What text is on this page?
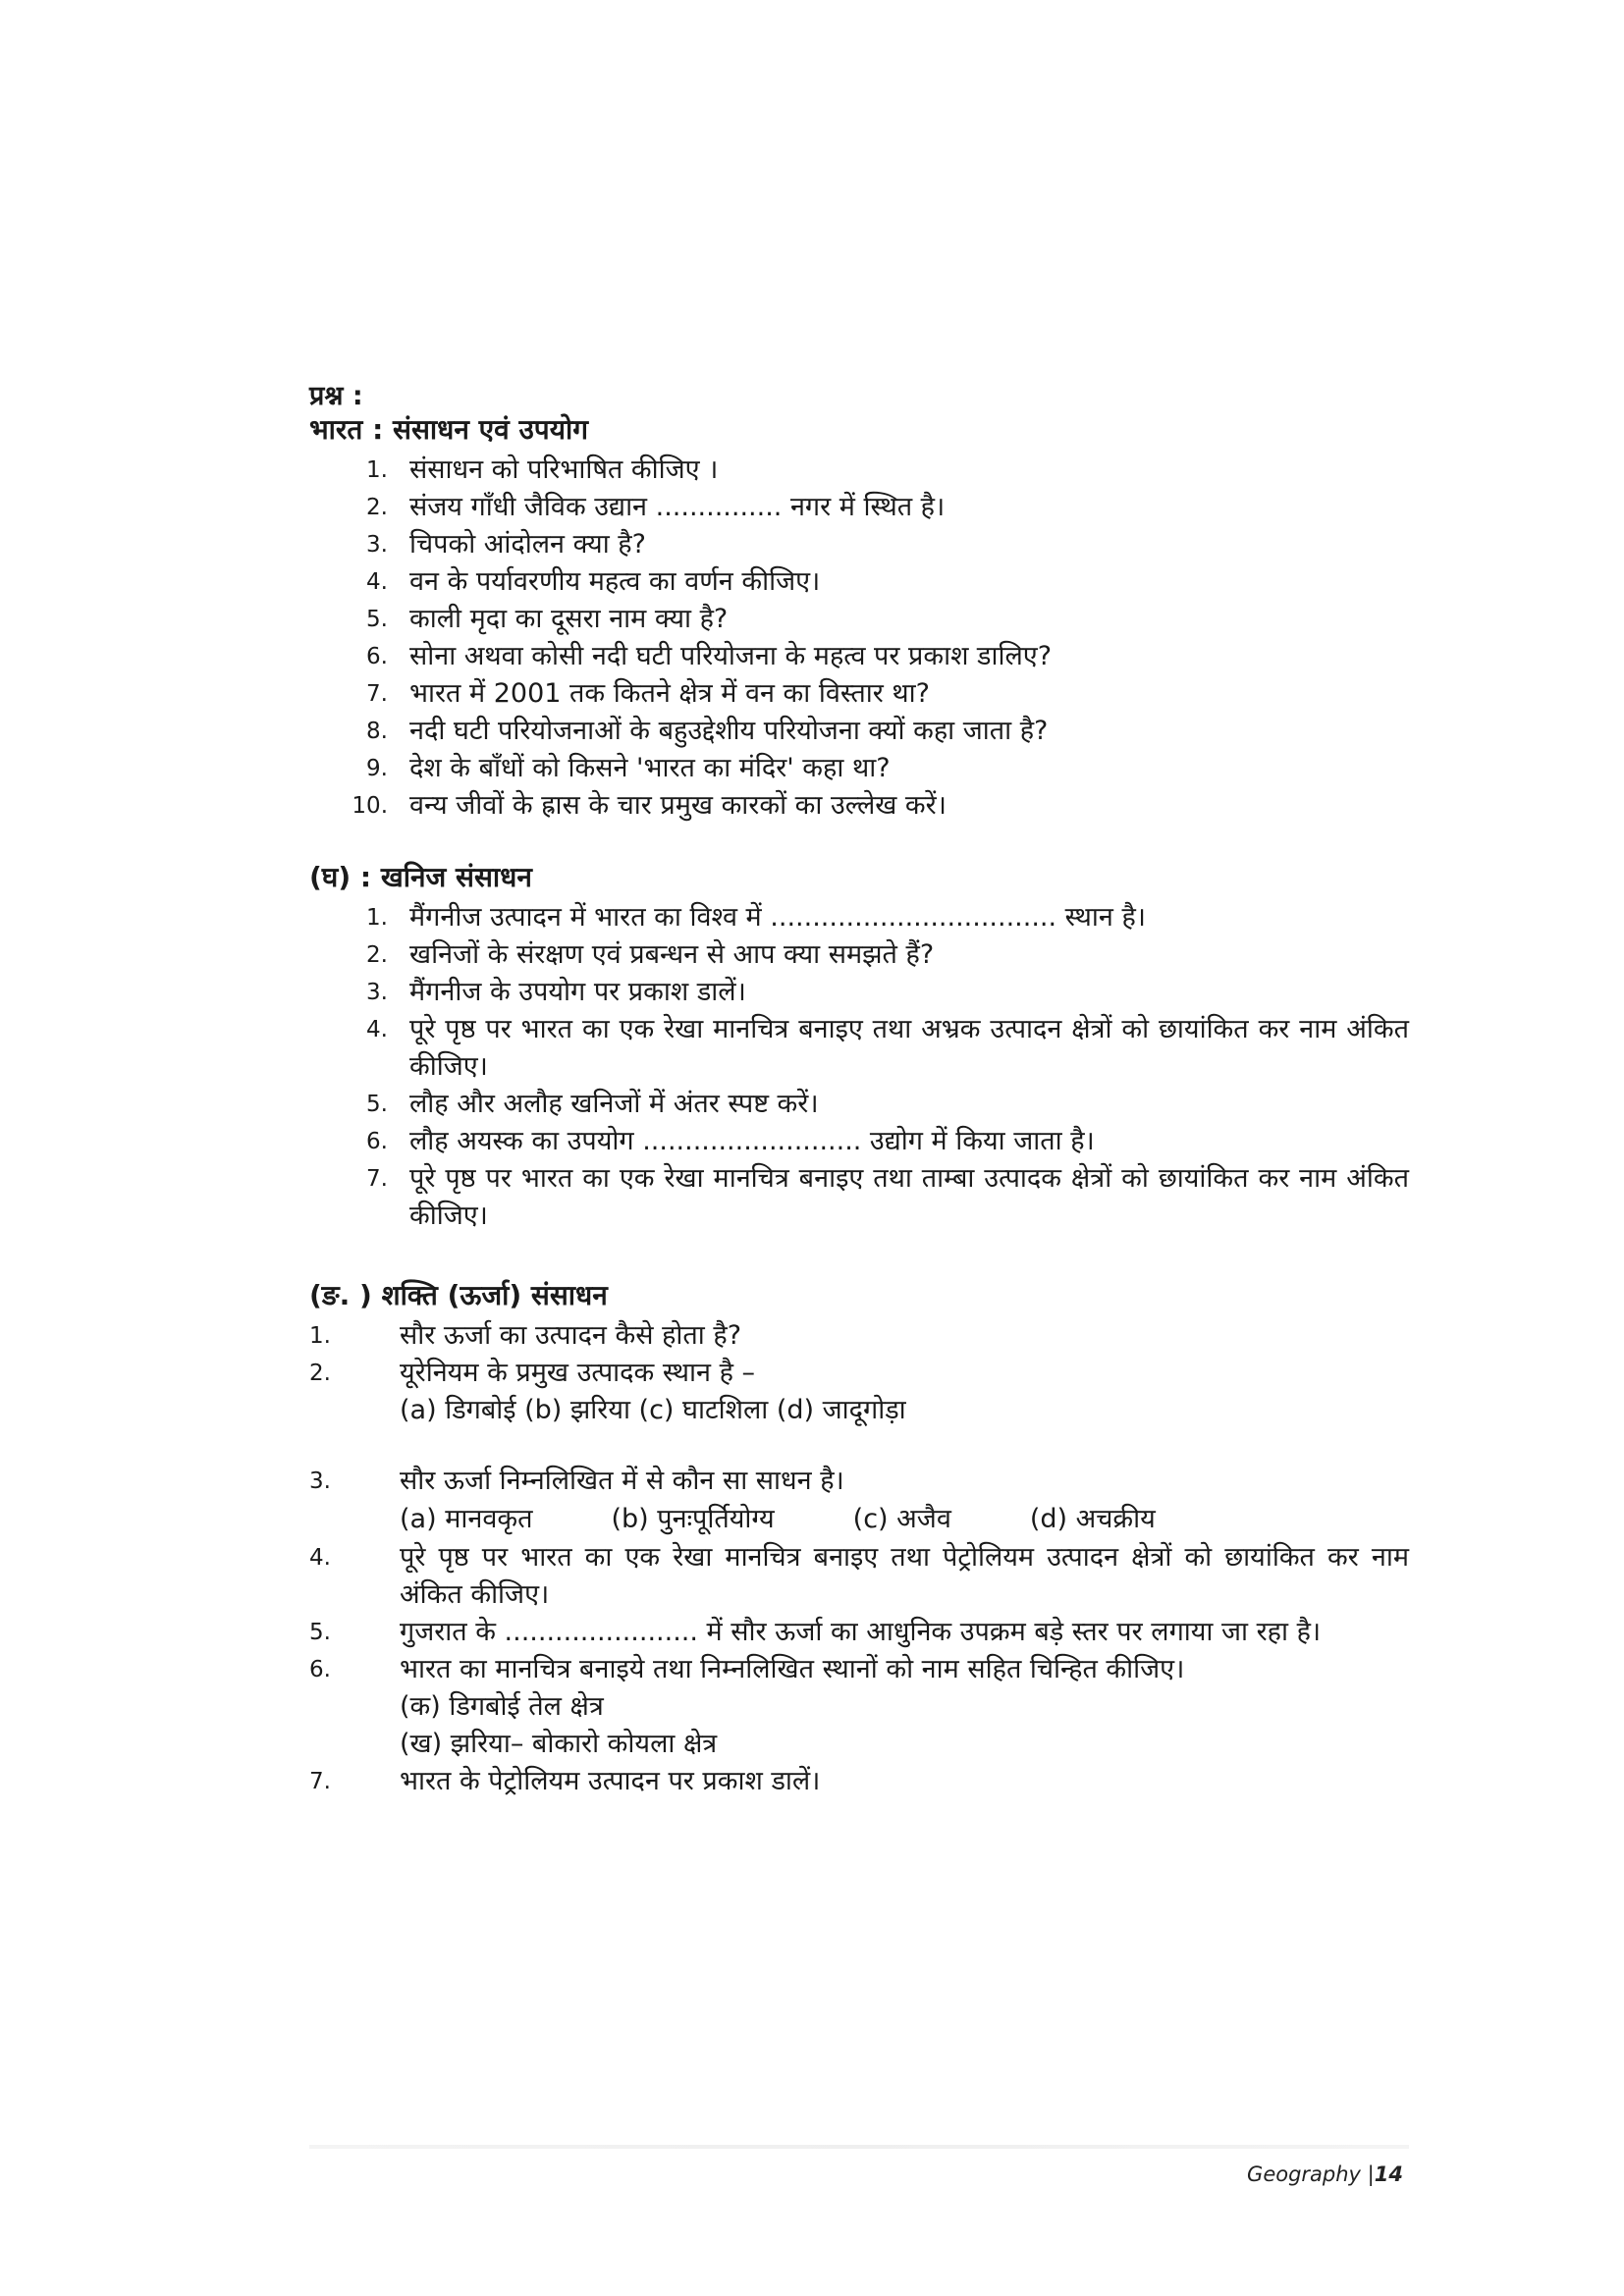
प्रश्न :
भारत : संसाधन एवं उपयोग
1. संसाधन को परिभाषित कीजिए ।
2. संजय गाँधी जैविक उद्यान ............... नगर में स्थित है।
3. चिपको आंदोलन क्या है?
4. वन के पर्यावरणीय महत्व का वर्णन कीजिए।
5. काली मृदा का दूसरा नाम क्या है?
6. सोना अथवा कोसी नदी घटी परियोजना के महत्व पर प्रकाश डालिए?
7. भारत में 2001 तक कितने क्षेत्र में वन का विस्तार था?
8. नदी घटी परियोजनाओं के बहुउद्देशीय परियोजना क्यों कहा जाता है?
9. देश के बाँधों को किसने 'भारत का मंदिर' कहा था?
10. वन्य जीवों के ह्रास के चार प्रमुख कारकों का उल्लेख करें।
(घ) : खनिज संसाधन
1. मैंगनीज उत्पादन में भारत का विश्व में .................................. स्थान है।
2. खनिजों के संरक्षण एवं प्रबन्धन से आप क्या समझते हैं?
3. मैंगनीज के उपयोग पर प्रकाश डालें।
4. पूरे पृष्ठ पर भारत का एक रेखा मानचित्र बनाइए तथा अभ्रक उत्पादन क्षेत्रों को छायांकित कर नाम अंकित कीजिए।
5. लौह और अलौह खनिजों में अंतर स्पष्ट करें।
6. लौह अयस्क का उपयोग .......................... उद्योग में किया जाता है।
7. पूरे पृष्ठ पर भारत का एक रेखा मानचित्र बनाइए तथा ताम्बा उत्पादक क्षेत्रों को छायांकित कर नाम अंकित कीजिए।
(ङ. ) शक्ति (ऊर्जा) संसाधन
1.	सौर ऊर्जा का उत्पादन कैसे होता है?
2.	यूरेनियम के प्रमुख उत्पादक स्थान है –
(a) डिगबोई (b) झरिया (c) घाटशिला (d) जादूगोड़ा
3.	सौर ऊर्जा निम्नलिखित में से कौन सा साधन है।
(a) मानवकृत	(b) पुनःपूर्तियोग्य	(c) अजैव	(d) अचक्रीय
4.	पूरे पृष्ठ पर भारत का एक रेखा मानचित्र बनाइए तथा पेट्रोलियम उत्पादन क्षेत्रों को छायांकित कर नाम अंकित कीजिए।
5.	गुजरात के ....................... में सौर ऊर्जा का आधुनिक उपक्रम बड़े स्तर पर लगाया जा रहा है।
6.	भारत का मानचित्र बनाइये तथा निम्नलिखित स्थानों को नाम सहित चिन्हित कीजिए।
(क) डिगबोई तेल क्षेत्र
(ख) झरिया– बोकारो कोयला क्षेत्र
7.	भारत के पेट्रोलियम उत्पादन पर प्रकाश डालें।
Geography |14
